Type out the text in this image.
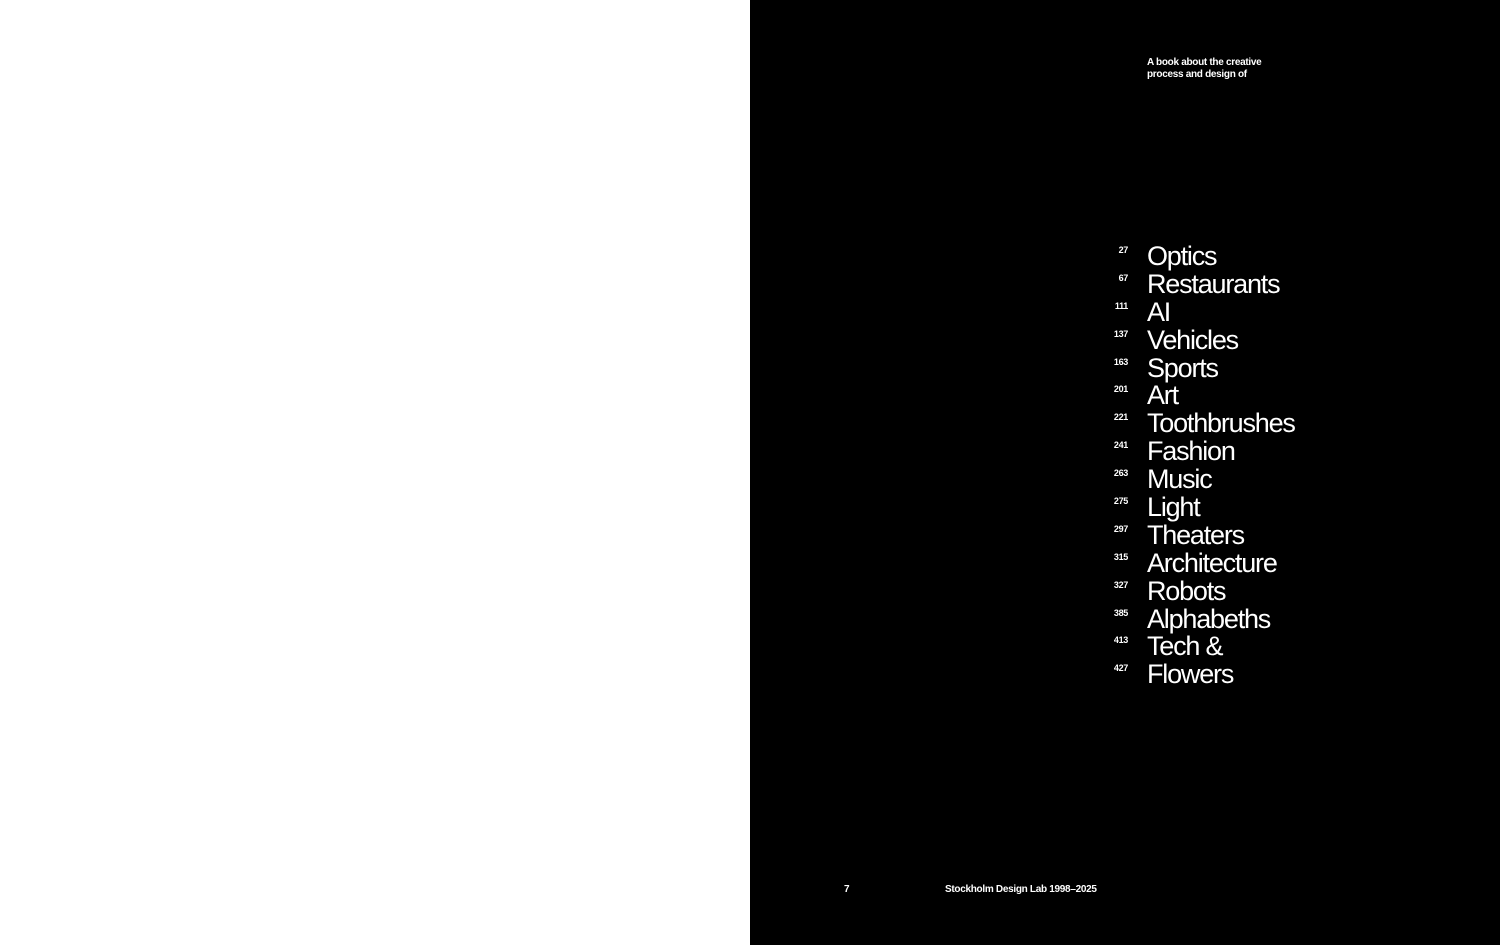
A book about the creative
process and design of

27 Optics
67 Restaurants
111 AI
137 Vehicles
163 Sports
201 Art
221 Toothbrushes
241 Fashion
263 Music
275 Light
297 Theaters
315 Architecture
327 Robots
385 Alphabeths
413 Tech &
427 Flowers
7	Stockholm Design Lab 1998–2025
